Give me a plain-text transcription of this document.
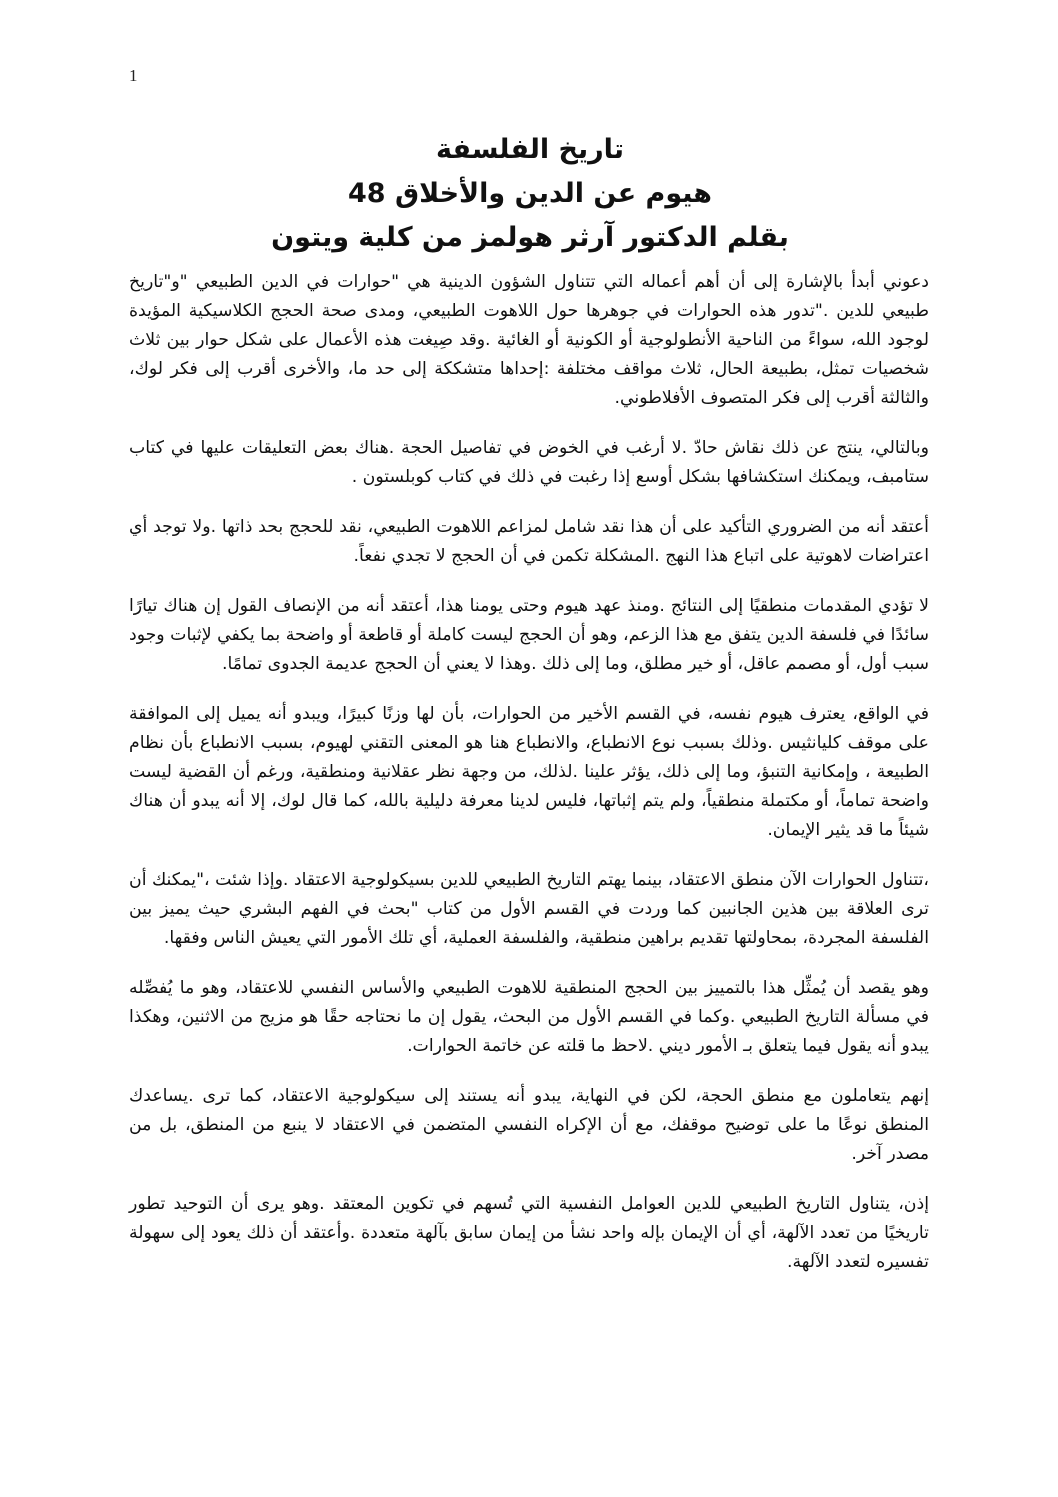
1

تاريخ الفلسفة

هيوم عن الدين والأخلاق 48

بقلم الدكتور آرثر هولمز من كلية ويتون

دعوني أبدأ بالإشارة إلى أن أهم أعماله التي تتناول الشؤون الدينية هي "حوارات في الدين الطبيعي "و"تاريخ طبيعي للدين ."تدور هذه الحوارات في جوهرها حول اللاهوت الطبيعي، ومدى صحة الحجج الكلاسيكية المؤيدة لوجود الله، سواءً من الناحية الأنطولوجية أو الكونية أو الغائية .وقد صِيغت هذه الأعمال على شكل حوار بين ثلاث شخصيات تمثل، بطبيعة الحال، ثلاث مواقف مختلفة :إحداها متشككة إلى حد ما، والأخرى أقرب إلى فكر لوك، والثالثة أقرب إلى فكر المتصوف الأفلاطوني.

وبالتالي، ينتج عن ذلك نقاش حادّ .لا أرغب في الخوض في تفاصيل الحجة .هناك بعض التعليقات عليها في كتاب ستامبف، ويمكنك استكشافها بشكل أوسع إذا رغبت في ذلك في كتاب كوبلستون .

أعتقد أنه من الضروري التأكيد على أن هذا نقد شامل لمزاعم اللاهوت الطبيعي، نقد للحجج بحد ذاتها .ولا توجد أي اعتراضات لاهوتية على اتباع هذا النهج .المشكلة تكمن في أن الحجج لا تجدي نفعاً.

لا تؤدي المقدمات منطقيًا إلى النتائج .ومنذ عهد هيوم وحتى يومنا هذا، أعتقد أنه من الإنصاف القول إن هناك تيارًا سائدًا في فلسفة الدين يتفق مع هذا الزعم، وهو أن الحجج ليست كاملة أو قاطعة أو واضحة بما يكفي لإثبات وجود سبب أول، أو مصمم عاقل، أو خير مطلق، وما إلى ذلك .وهذا لا يعني أن الحجج عديمة الجدوى تمامًا.

في الواقع، يعترف هيوم نفسه، في القسم الأخير من الحوارات، بأن لها وزنًا كبيرًا، ويبدو أنه يميل إلى الموافقة على موقف كليانثيس .وذلك بسبب نوع الانطباع، والانطباع هنا هو المعنى التقني لهيوم، بسبب الانطباع بأن نظام الطبيعة ، وإمكانية التنبؤ، وما إلى ذلك، يؤثر علينا .لذلك، من وجهة نظر عقلانية ومنطقية، ورغم أن القضية ليست واضحة تماماً، أو مكتملة منطقياً، ولم يتم إثباتها، فليس لدينا معرفة دليلية بالله، كما قال لوك، إلا أنه يبدو أن هناك شيئاً ما قد يثير الإيمان.

،تتناول الحوارات الآن منطق الاعتقاد، بينما يهتم التاريخ الطبيعي للدين بسيكولوجية الاعتقاد .وإذا شئت ،"يمكنك أن ترى العلاقة بين هذين الجانبين كما وردت في القسم الأول من كتاب "بحث في الفهم البشري حيث يميز بين الفلسفة المجردة، بمحاولتها تقديم براهين منطقية، والفلسفة العملية، أي تلك الأمور التي يعيش الناس وفقها.

وهو يقصد أن يُمثِّل هذا بالتمييز بين الحجج المنطقية للاهوت الطبيعي والأساس النفسي للاعتقاد، وهو ما يُفصِّله في مسألة التاريخ الطبيعي .وكما في القسم الأول من البحث، يقول إن ما نحتاجه حقًا هو مزيج من الاثنين، وهكذا يبدو أنه يقول فيما يتعلق بـ الأمور ديني .لاحظ ما قلته عن خاتمة الحوارات.

إنهم يتعاملون مع منطق الحجة، لكن في النهاية، يبدو أنه يستند إلى سيكولوجية الاعتقاد، كما ترى .يساعدك المنطق نوعًا ما على توضيح موقفك، مع أن الإكراه النفسي المتضمن في الاعتقاد لا ينبع من المنطق، بل من مصدر آخر.

إذن، يتناول التاريخ الطبيعي للدين العوامل النفسية التي تُسهم في تكوين المعتقد .وهو يرى أن التوحيد تطور تاريخيًا من تعدد الآلهة، أي أن الإيمان بإله واحد نشأ من إيمان سابق بآلهة متعددة .وأعتقد أن ذلك يعود إلى سهولة تفسيره لتعدد الآلهة.
